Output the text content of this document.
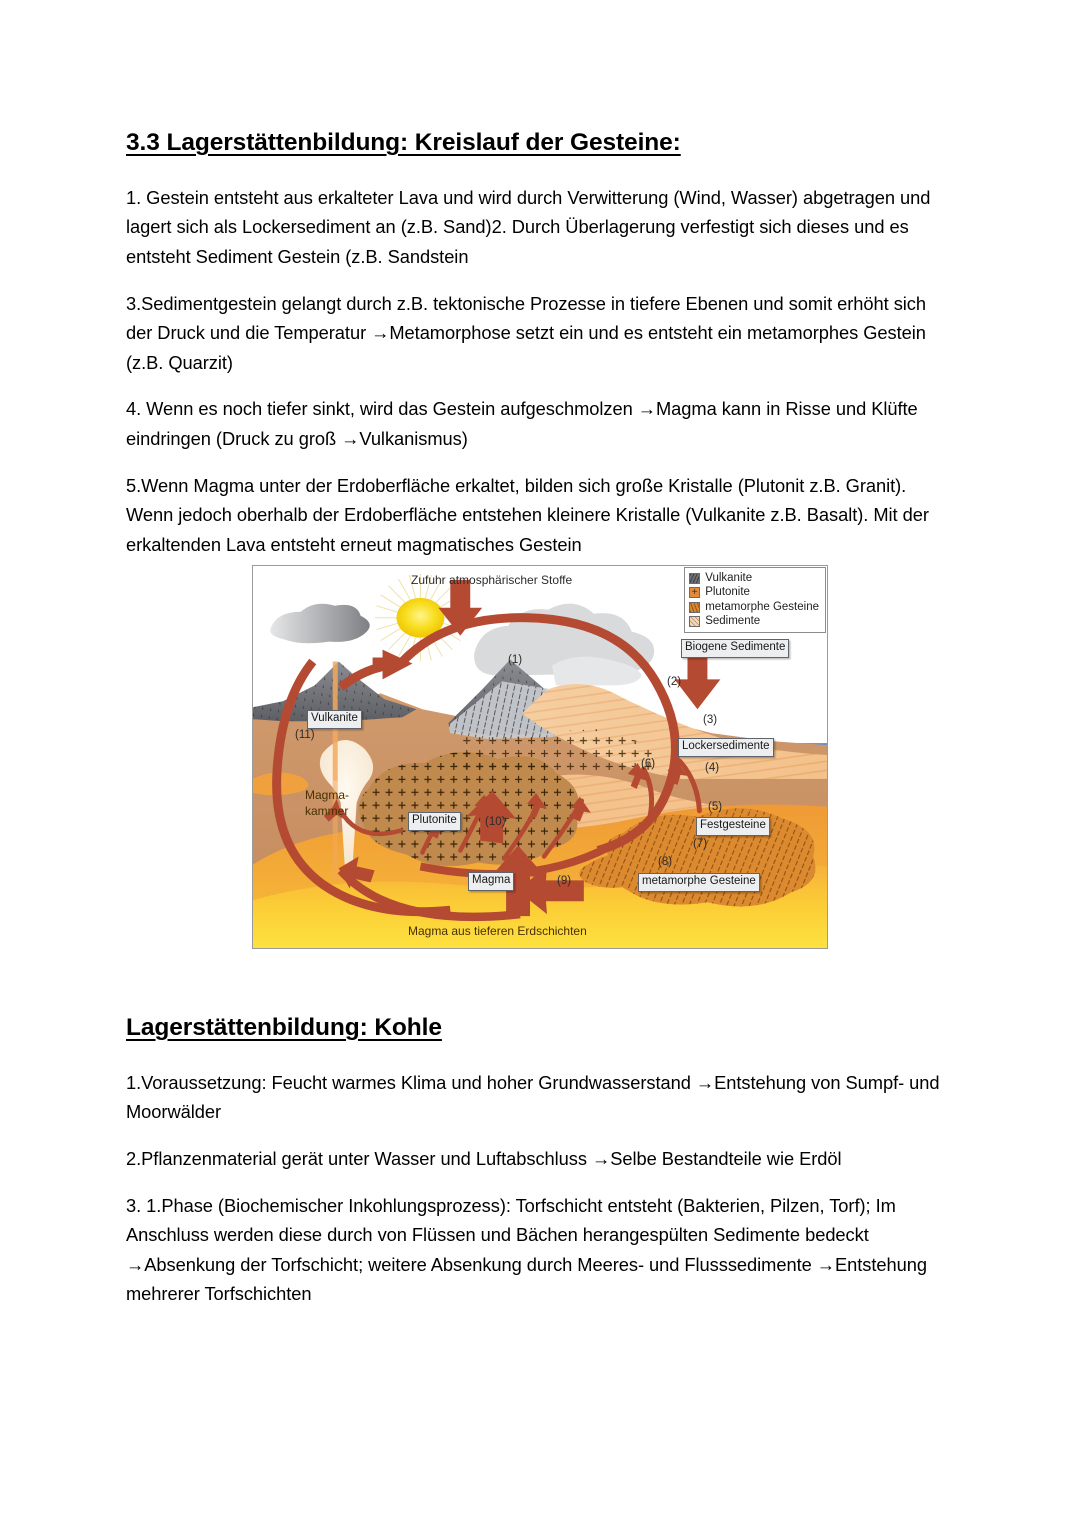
3.3 Lagerstättenbildung: Kreislauf der Gesteine:

1. Gestein entsteht aus erkalteter Lava und wird durch Verwitterung (Wind, Wasser) abgetragen und lagert sich als Lockersediment an (z.B. Sand)2. Durch Überlagerung verfestigt sich dieses und es entsteht Sediment Gestein (z.B. Sandstein

3.Sedimentgestein gelangt durch z.B. tektonische Prozesse in tiefere Ebenen und somit erhöht sich der Druck und die Temperatur →Metamorphose setzt ein und es entsteht ein metamorphes Gestein (z.B. Quarzit)

4. Wenn es noch tiefer sinkt, wird das Gestein aufgeschmolzen →Magma kann in Risse und Klüfte eindringen (Druck zu groß →Vulkanismus)

5.Wenn Magma unter der Erdoberfläche erkaltet, bilden sich große Kristalle (Plutonit z.B. Granit). Wenn jedoch oberhalb der Erdoberfläche entstehen kleinere Kristalle (Vulkanite z.B. Basalt). Mit der erkaltenden Lava entsteht erneut magmatisches Gestein

Vulkanite
+
Plutonite
metamorphe Gesteine
Sedimente
Zufuhr atmosphärischer Stoffe
Magma aus tieferen Erdschichten
Vulkanite
Biogene Sedimente
Lockersedimente
Festgesteine
metamorphe Gesteine
Plutonite
Magma
Magma-
kammer
(1)
(2)
(3)
(4)
(5)
(6)
(7)
(8)
(9)
(10)
(11)
Lagerstättenbildung: Kohle

1.Voraussetzung: Feucht warmes Klima und hoher Grundwasserstand →Entstehung von Sumpf- und Moorwälder

2.Pflanzenmaterial gerät unter Wasser und Luftabschluss →Selbe Bestandteile wie Erdöl

3. 1.Phase (Biochemischer Inkohlungsprozess): Torfschicht entsteht (Bakterien, Pilzen, Torf); Im Anschluss werden diese durch von Flüssen und Bächen herangespülten Sedimente bedeckt →Absenkung der Torfschicht; weitere Absenkung durch Meeres- und Flusssedimente →Entstehung mehrerer Torfschichten
